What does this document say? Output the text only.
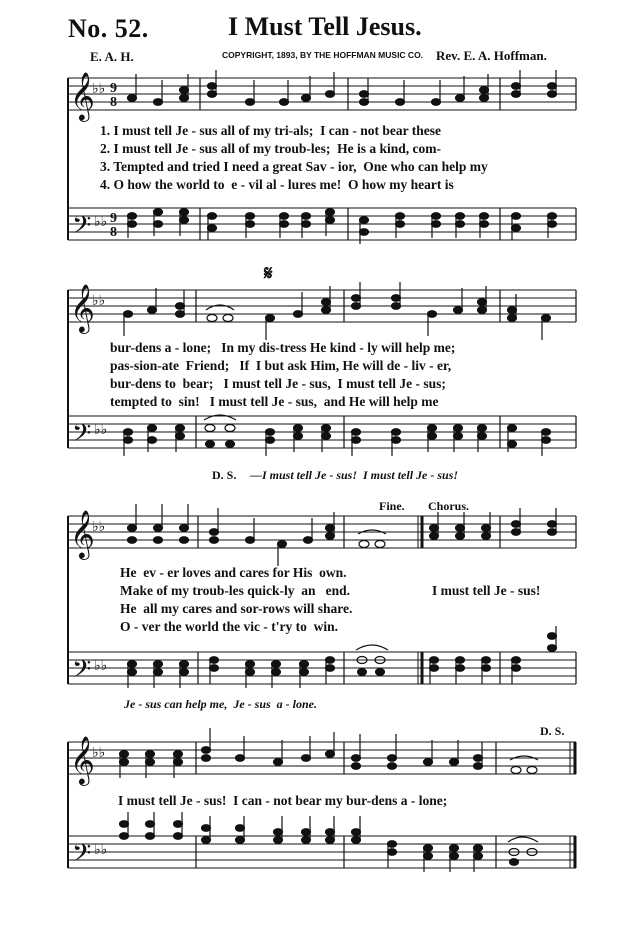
No. 52.	I Must Tell Jesus.
E. A. H.	COPYRIGHT, 1893, BY THE HOFFMAN MUSIC CO. Rev. E. A. Hoffman.
𝄞
𝄢
♭♭
♭♭
9
8
9
8
𝄞
𝄢
♭♭
♭♭
𝄞
𝄢
♭♭
♭♭
𝄞
𝄢
♭♭
♭♭
1. I must tell Je - sus all of my tri-als;  I can - not bear these
2. I must tell Je - sus all of my troub-les;  He is a kind, com-
3. Tempted and tried I need a great Sav - ior,  One who can help my
4. O how the world to  e - vil al - lures me!  O how my heart is
𝄋
bur-dens a - lone;   In my dis-tress He kind - ly will help me;
pas-sion-ate  Friend;   If  I but ask Him, He will de - liv - er,
bur-dens to  bear;   I must tell Je - sus,  I must tell Je - sus;
tempted to  sin!   I must tell Je - sus,  and He will help me
D. S. —I must tell Je - sus!  I must tell Je - sus!
Fine. Chorus.
He  ev - er loves and cares for His  own.
Make of my troub-les quick-ly  an   end.
He  all my cares and sor-rows will share.
O - ver the world the vic - t'ry to  win.
I must tell Je - sus!
Je - sus can help me,  Je - sus  a - lone.
D. S.
I must tell Je - sus!  I can - not bear my bur-dens a - lone;
